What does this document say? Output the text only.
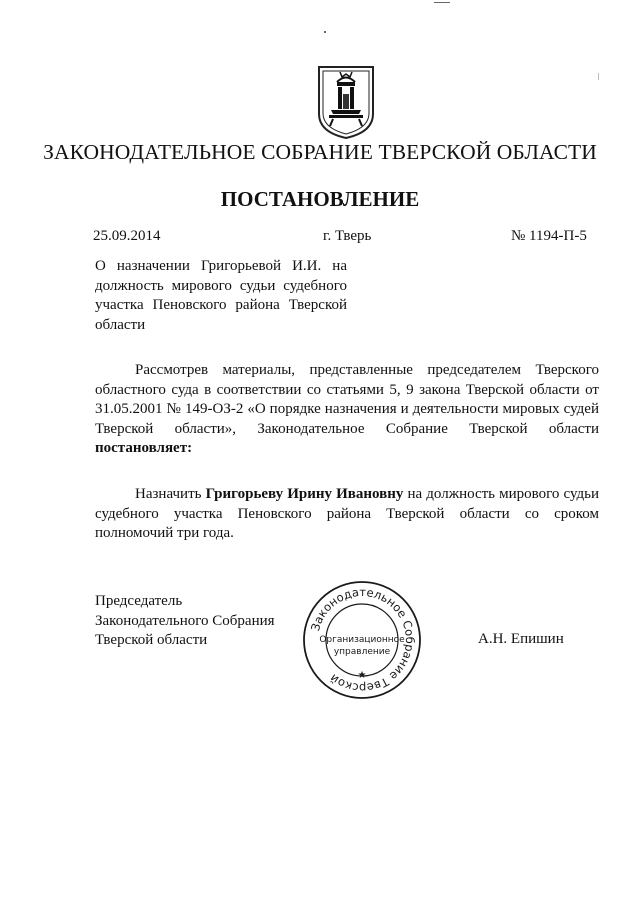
ЗАКОНОДАТЕЛЬНОЕ СОБРАНИЕ ТВЕРСКОЙ ОБЛАСТИ
ПОСТАНОВЛЕНИЕ
25.09.2014	г. Тверь	№ 1194-П-5
О назначении Григорьевой И.И. на должность мирового судьи судебного участка Пеновского района Тверской области
Рассмотрев материалы, представленные председателем Тверского областного суда в соответствии со статьями 5, 9 закона Тверской области от 31.05.2001 № 149-ОЗ-2 «О порядке назначения и деятельности мировых судей Тверской области», Законодательное Собрание Тверской области постановляет:
Назначить Григорьеву Ирину Ивановну на должность мирового судьи судебного участка Пеновского района Тверской области со сроком полномочий три года.
Председатель
Законодательного Собрания
Тверской области	А.Н. Епишин
Законодательное Собрание Тверской	★
Организационное
управление
